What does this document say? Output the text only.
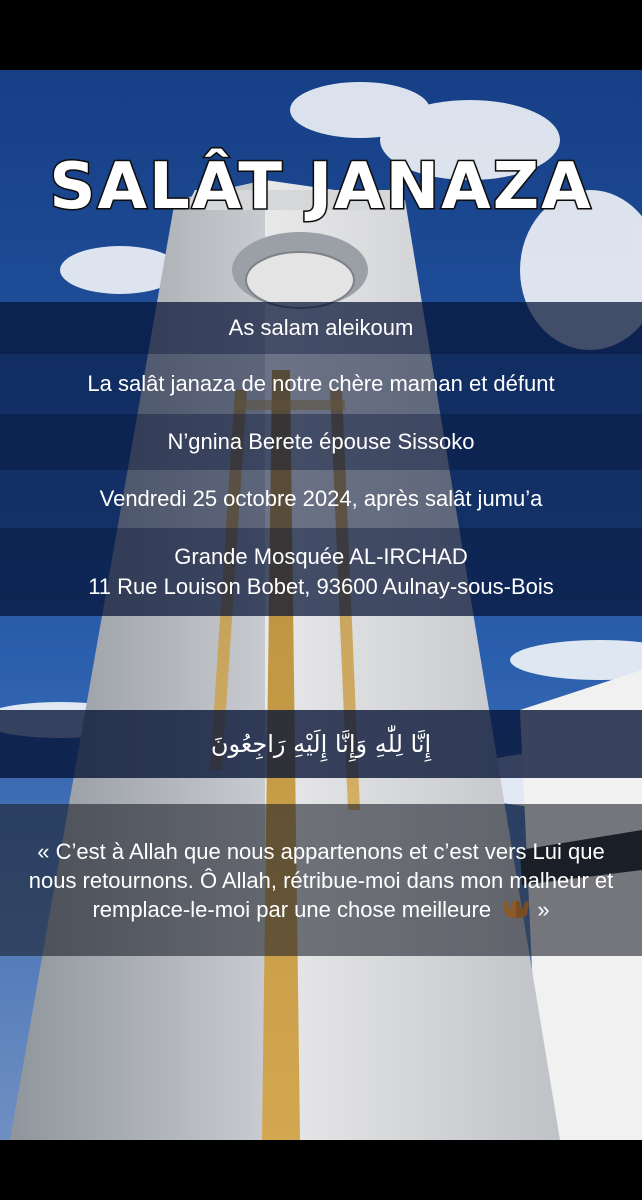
SALÂT JANAZA
As salam aleikoum
La salât janaza de notre chère maman et défunt
N’gnina Berete épouse Sissoko
Vendredi 25 octobre 2024, après salât jumu’a
Grande Mosquée AL-IRCHAD
11 Rue Louison Bobet, 93600 Aulnay-sous-Bois
إِنَّا لِلّٰهِ وَإِنَّا إِلَيْهِ رَاجِعُونَ

« C’est à Allah que nous appartenons et c’est vers Lui que nous retournons. Ô Allah, rétribue-moi dans mon malheur et remplace-le-moi par une chose meilleure »
